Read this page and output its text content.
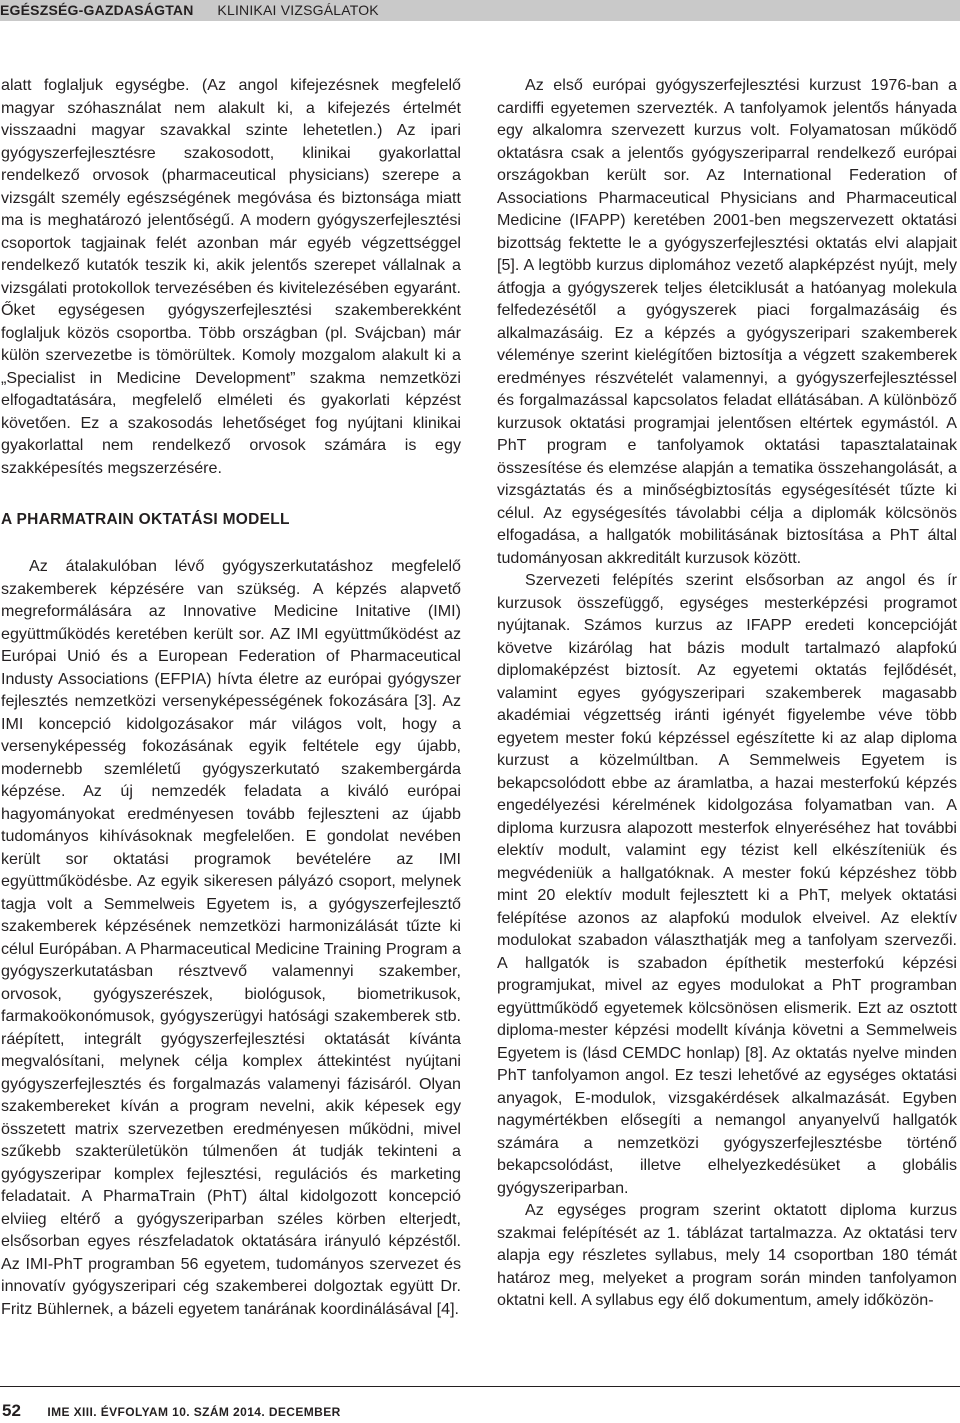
EGÉSZSÉG-GAZDASÁGTAN KLINIKAI VIZSGÁLATOK

alatt foglaljuk egységbe. (Az angol kifejezésnek megfelelő magyar szóhasználat nem alakult ki, a kifejezés értelmét visszaadni magyar szavakkal szinte lehetetlen.) Az ipari gyógyszerfejlesztésre szakosodott, klinikai gyakorlattal rendelkező orvosok (pharmaceutical physicians) szerepe a vizsgált személy egészségének megóvása és biztonsága miatt ma is meghatározó jelentőségű. A modern gyógyszerfejlesztési csoportok tagjainak felét azonban már egyéb végzettséggel rendelkező kutatók teszik ki, akik jelentős szerepet vállalnak a vizsgálati protokollok tervezésében és kivitelezésében egyaránt. Őket egységesen gyógyszerfejlesztési szakemberekként foglaljuk közös csoportba. Több országban (pl. Svájcban) már külön szervezetbe is tömörültek. Komoly mozgalom alakult ki a „Specialist in Medicine Development” szakma nemzetközi elfogadtatására, megfelelő elméleti és gyakorlati képzést követően. Ez a szakosodás lehetőséget fog nyújtani klinikai gyakorlattal nem rendelkező orvosok számára is egy szakképesítés megszerzésére.

A PHARMATRAIN OKTATÁSI MODELL

Az átalakulóban lévő gyógyszerkutatáshoz megfelelő szakemberek képzésére van szükség. A képzés alapvető megreformálására az Innovative Medicine Initative (IMI) együttműködés keretében került sor. AZ IMI együttműködést az Európai Unió és a European Federation of Pharmaceutical Industy Associations (EFPIA) hívta életre az európai gyógyszer fejlesztés nemzetközi versenyképességének fokozására [3]. Az IMI koncepció kidolgozásakor már világos volt, hogy a versenyképesség fokozásának egyik feltétele egy újabb, modernebb szemléletű gyógyszerkutató szakembergárda képzése. Az új nemzedék feladata a kiváló európai hagyományokat eredményesen tovább fejleszteni az újabb tudományos kihívásoknak megfelelően. E gondolat nevében került sor oktatási programok bevételére az IMI együttműködésbe. Az egyik sikeresen pályázó csoport, melynek tagja volt a Semmelweis Egyetem is, a gyógyszerfejlesztő szakemberek képzésének nemzetközi harmonizálását tűzte ki célul Európában. A Pharmaceutical Medicine Training Program a gyógyszerkutatásban résztvevő valamennyi szakember, orvosok, gyógyszerészek, biológusok, biometrikusok, farmakoökonómusok, gyógyszerügyi hatósági szakemberek stb. ráépített, integrált gyógyszerfejlesztési oktatását kívánta megvalósítani, melynek célja komplex áttekintést nyújtani gyógyszerfejlesztés és forgalmazás valamenyi fázisáról. Olyan szakembereket kíván a program nevelni, akik képesek egy összetett matrix szervezetben eredményesen működni, mivel szűkebb szakterületükön túlmenően át tudják tekinteni a gyógyszeripar komplex fejlesztési, regulációs és marketing feladatait. A PharmaTrain (PhT) által kidolgozott koncepció elviieg eltérő a gyógyszeriparban széles körben elterjedt, elsősorban egyes részfeladatok oktatására irányuló képzéstől. Az IMI-PhT programban 56 egyetem, tudományos szervezet és innovatív gyógyszeripari cég szakemberei dolgoztak együtt Dr. Fritz Bühlernek, a bázeli egyetem tanárának koordinálásával [4].

Az első európai gyógyszerfejlesztési kurzust 1976-ban a cardiffi egyetemen szervezték. A tanfolyamok jelentős hányada egy alkalomra szervezett kurzus volt. Folyamatosan működő oktatásra csak a jelentős gyógyszeriparral rendelkező európai országokban került sor. Az International Federation of Associations Pharmaceutical Physicians and Pharmaceutical Medicine (IFAPP) keretében 2001-ben megszervezett oktatási bizottság fektette le a gyógyszerfejlesztési oktatás elvi alapjait [5]. A legtöbb kurzus diplomához vezető alapképzést nyújt, mely átfogja a gyógyszerek teljes életciklusát a hatóanyag molekula felfedezésétől a gyógyszerek piaci forgalmazásáig és alkalmazásáig. Ez a képzés a gyógyszeripari szakemberek véleménye szerint kielégítően biztosítja a végzett szakemberek eredményes részvételét valamennyi, a gyógyszerfejlesztéssel és forgalmazással kapcsolatos feladat ellátásában. A különböző kurzusok oktatási programjai jelentősen eltértek egymástól. A PhT program e tanfolyamok oktatási tapasztalatainak összesítése és elemzése alapján a tematika összehangolását, a vizsgáztatás és a minőségbiztosítás egységesítését tűzte ki célul. Az egységesítés távolabbi célja a diplomák kölcsönös elfogadása, a hallgatók mobilitásának biztosítása a PhT által tudományosan akkreditált kurzusok között.

Szervezeti felépítés szerint elsősorban az angol és ír kurzusok összefüggő, egységes mesterképzési programot nyújtanak. Számos kurzus az IFAPP eredeti koncepcióját követve kizárólag hat bázis modult tartalmazó alapfokú diplomaképzést biztosít. Az egyetemi oktatás fejlődését, valamint egyes gyógyszeripari szakemberek magasabb akadémiai végzettség iránti igényét figyelembe véve több egyetem mester fokú képzéssel egészítette ki az alap diploma kurzust a közelmúltban. A Semmelweis Egyetem is bekapcsolódott ebbe az áramlatba, a hazai mesterfokú képzés engedélyezési kérelmének kidolgozása folyamatban van. A diploma kurzusra alapozott mesterfok elnyeréséhez hat további elektív modult, valamint egy tézist kell elkészíteniük és megvédeniük a hallgatóknak. A mester fokú képzéshez több mint 20 elektív modult fejlesztett ki a PhT, melyek oktatási felépítése azonos az alapfokú modulok elveivel. Az elektív modulokat szabadon választhatják meg a tanfolyam szervezői. A hallgatók is szabadon építhetik mesterfokú képzési programjukat, mivel az egyes modulokat a PhT programban együttműködő egyetemek kölcsönösen elismerik. Ezt az osztott diploma-mester képzési modellt kívánja követni a Semmelweis Egyetem is (lásd CEMDC honlap) [8]. Az oktatás nyelve minden PhT tanfolyamon angol. Ez teszi lehetővé az egységes oktatási anyagok, E-modulok, vizsgakérdések alkalmazását. Egyben nagymértékben elősegíti a nemangol anyanyelvű hallgatók számára a nemzetközi gyógyszerfejlesztésbe történő bekapcsolódást, illetve elhelyezkedésüket a globális gyógyszeriparban.

Az egységes program szerint oktatott diploma kurzus szakmai felépítését az 1. táblázat tartalmazza. Az oktatási terv alapja egy részletes syllabus, mely 14 csoportban 180 témát határoz meg, melyeket a program során minden tanfolyamon oktatni kell. A syllabus egy élő dokumentum, amely időközön-

52 IME XIII. ÉVFOLYAM 10. SZÁM 2014. DECEMBER
